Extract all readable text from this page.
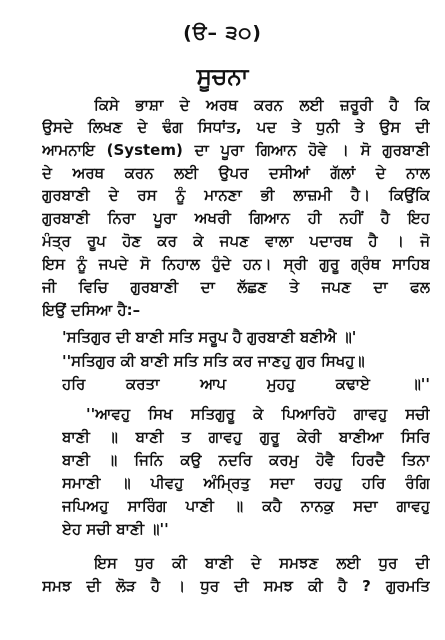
(ੳ– ੩੦)
ਸੂਚਨਾ
ਕਿਸੇ ਭਾਸ਼ਾ ਦੇ ਅਰਥ ਕਰਨ ਲਈ ਜ਼ਰੂਰੀ ਹੈ ਕਿ
ਉਸਦੇ ਲਿਖਣ ਦੇ ਢੰਗ ਸਿਧਾਂਤ, ਪਦ ਤੇ ਧੁਨੀ ਤੇ ਉਸ ਦੀ
ਆਮਨਾਇ (System) ਦਾ ਪੂਰਾ ਗਿਆਨ ਹੋਵੇ । ਸੋ ਗੁਰਬਾਣੀ
ਦੇ ਅਰਥ ਕਰਨ ਲਈ ਉਪਰ ਦਸੀਆਂ ਗੱਲਾਂ ਦੇ ਨਾਲ
ਗੁਰਬਾਣੀ ਦੇ ਰਸ ਨੂੰ ਮਾਨਣਾ ਭੀ ਲਾਜ਼ਮੀ ਹੈ। ਕਿਉਂਕਿ
ਗੁਰਬਾਣੀ ਨਿਰਾ ਪੂਰਾ ਅਖਰੀ ਗਿਆਨ ਹੀ ਨਹੀਂ ਹੈ ਇਹ
ਮੰਤ੍ਰ ਰੂਪ ਹੋਣ ਕਰ ਕੇ ਜਪਣ ਵਾਲਾ ਪਦਾਰਥ ਹੈ । ਜੋ
ਇਸ ਨੂੰ ਜਪਦੇ ਸੋ ਨਿਹਾਲ ਹੁੰਦੇ ਹਨ। ਸ੍ਰੀ ਗੁਰੂ ਗ੍ਰੰਥ ਸਾਹਿਬ
ਜੀ ਵਿਚਿ ਗੁਰਬਾਣੀ ਦਾ ਲੱਛਣ ਤੇ ਜਪਣ ਦਾ ਫਲ
ਇਉਂ ਦਸਿਆ ਹੈ:–
'ਸਤਿਗੁਰ ਦੀ ਬਾਣੀ ਸਤਿ ਸਰੂਪ ਹੈ ਗੁਰਬਾਣੀ ਬਣੀਐ ॥'
''ਸਤਿਗੁਰ ਕੀ ਬਾਣੀ ਸਤਿ ਸਤਿ ਕਰ ਜਾਣਹੁ ਗੁਰ ਸਿਖਹੁ॥
ਹਰਿ ਕਰਤਾ ਆਪ ਮੁਹਹੁ ਕਢਾਏ ॥''
''ਆਵਹੁ ਸਿਖ ਸਤਿਗੁਰੂ ਕੇ ਪਿਆਰਿਹੋ ਗਾਵਹੁ ਸਚੀ
ਬਾਣੀ ॥ ਬਾਣੀ ਤ ਗਾਵਹੁ ਗੁਰੂ ਕੇਰੀ ਬਾਣੀਆ ਸਿਰਿ
ਬਾਣੀ ॥ ਜਿਨਿ ਕਉ ਨਦਰਿ ਕਰਮੁ ਹੋਵੈ ਹਿਰਦੈ ਤਿਨਾ
ਸਮਾਣੀ ॥ ਪੀਵਹੁ ਅੰਮ੍ਰਿਤੁ ਸਦਾ ਰਹਹੁ ਹਰਿ ਰੰਗਿ
ਜਪਿਅਹੁ ਸਾਰਿੰਗ ਪਾਣੀ ॥ ਕਹੈ ਨਾਨਕੁ ਸਦਾ ਗਾਵਹੁ
ਏਹ ਸਚੀ ਬਾਣੀ ॥''
ਇਸ ਧੁਰ ਕੀ ਬਾਣੀ ਦੇ ਸਮਝਣ ਲਈ ਧੁਰ ਦੀ
ਸਮਝ ਦੀ ਲੋੜ ਹੈ । ਧੁਰ ਦੀ ਸਮਝ ਕੀ ਹੈ ? ਗੁਰਮਤਿ
